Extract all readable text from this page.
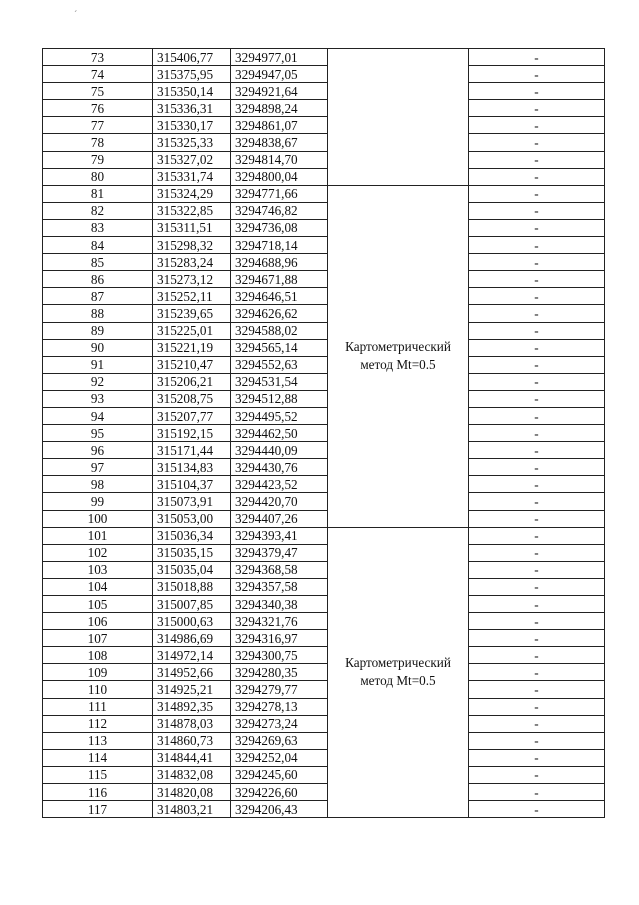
ˊ
73	315406,77	3294977,01		-
74	315375,95	3294947,05		-
75	315350,14	3294921,64		-
76	315336,31	3294898,24		-
77	315330,17	3294861,07		-
78	315325,33	3294838,67		-
79	315327,02	3294814,70		-
80	315331,74	3294800,04		-
81	315324,29	3294771,66	Картометрический метод Mt=0.5	-
82	315322,85	3294746,82		-
83	315311,51	3294736,08		-
84	315298,32	3294718,14		-
85	315283,24	3294688,96		-
86	315273,12	3294671,88		-
87	315252,11	3294646,51		-
88	315239,65	3294626,62		-
89	315225,01	3294588,02		-
90	315221,19	3294565,14		-
91	315210,47	3294552,63		-
92	315206,21	3294531,54		-
93	315208,75	3294512,88		-
94	315207,77	3294495,52		-
95	315192,15	3294462,50		-
96	315171,44	3294440,09		-
97	315134,83	3294430,76		-
98	315104,37	3294423,52		-
99	315073,91	3294420,70		-
100	315053,00	3294407,26		-
101	315036,34	3294393,41	Картометрический метод Mt=0.5	-
102	315035,15	3294379,47		-
103	315035,04	3294368,58		-
104	315018,88	3294357,58		-
105	315007,85	3294340,38		-
106	315000,63	3294321,76		-
107	314986,69	3294316,97		-
108	314972,14	3294300,75		-
109	314952,66	3294280,35		-
110	314925,21	3294279,77		-
111	314892,35	3294278,13		-
112	314878,03	3294273,24		-
113	314860,73	3294269,63		-
114	314844,41	3294252,04		-
115	314832,08	3294245,60		-
116	314820,08	3294226,60		-
117	314803,21	3294206,43		-
